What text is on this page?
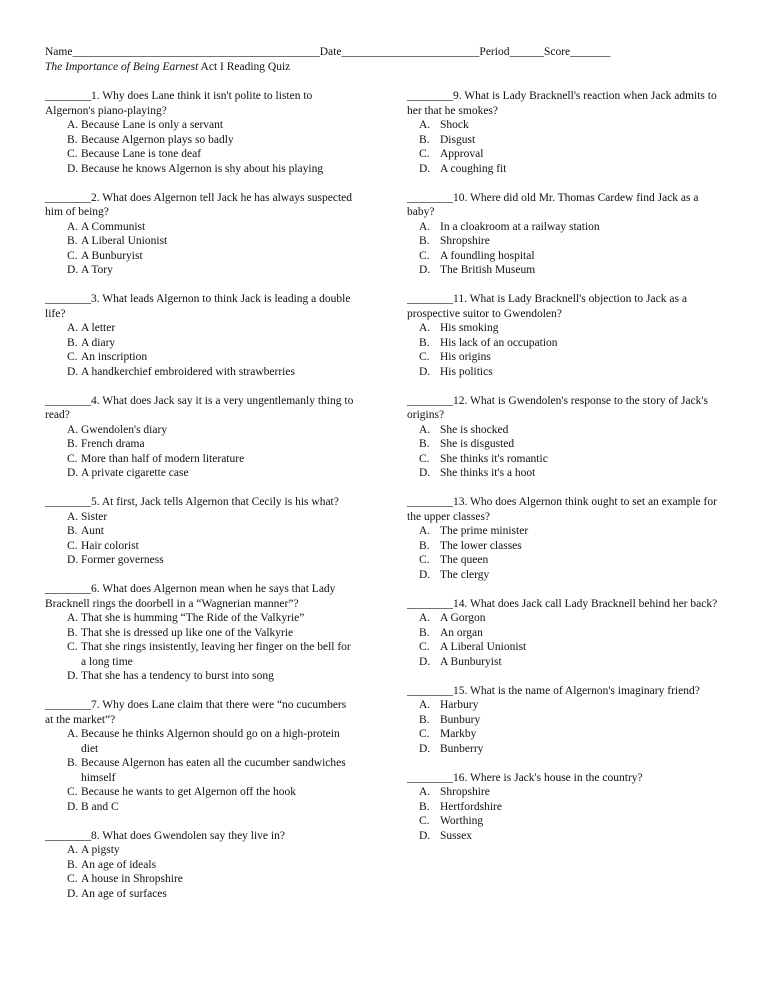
Name___________________________________________Date________________________Period______Score_______
The Importance of Being Earnest Act I Reading Quiz
________1. Why does Lane think it isn't polite to listen to Algernon's piano-playing?
A. Because Lane is only a servant
B. Because Algernon plays so badly
C. Because Lane is tone deaf
D. Because he knows Algernon is shy about his playing
________2. What does Algernon tell Jack he has always suspected him of being?
A. A Communist
B. A Liberal Unionist
C. A Bunburyist
D. A Tory
________3. What leads Algernon to think Jack is leading a double life?
A. A letter
B. A diary
C. An inscription
D. A handkerchief embroidered with strawberries
________4. What does Jack say it is a very ungentlemanly thing to read?
A. Gwendolen's diary
B. French drama
C. More than half of modern literature
D. A private cigarette case
________5. At first, Jack tells Algernon that Cecily is his what?
A. Sister
B. Aunt
C. Hair colorist
D. Former governess
________6. What does Algernon mean when he says that Lady Bracknell rings the doorbell in a “Wagnerian manner”?
A. That she is humming “The Ride of the Valkyrie”
B. That she is dressed up like one of the Valkyrie
C. That she rings insistently, leaving her finger on the bell for a long time
D. That she has a tendency to burst into song
________7. Why does Lane claim that there were “no cucumbers at the market”?
A. Because he thinks Algernon should go on a high-protein diet
B. Because Algernon has eaten all the cucumber sandwiches himself
C. Because he wants to get Algernon off the hook
D. B and C
________8. What does Gwendolen say they live in?
A. A pigsty
B. An age of ideals
C. A house in Shropshire
D. An age of surfaces
________9. What is Lady Bracknell's reaction when Jack admits to her that he smokes?
A. Shock
B. Disgust
C. Approval
D. A coughing fit
________10. Where did old Mr. Thomas Cardew find Jack as a baby?
A. In a cloakroom at a railway station
B. Shropshire
C. A foundling hospital
D. The British Museum
________11. What is Lady Bracknell's objection to Jack as a prospective suitor to Gwendolen?
A. His smoking
B. His lack of an occupation
C. His origins
D. His politics
________12. What is Gwendolen's response to the story of Jack's origins?
A. She is shocked
B. She is disgusted
C. She thinks it's romantic
D. She thinks it's a hoot
________13. Who does Algernon think ought to set an example for the upper classes?
A. The prime minister
B. The lower classes
C. The queen
D. The clergy
________14. What does Jack call Lady Bracknell behind her back?
A. A Gorgon
B. An organ
C. A Liberal Unionist
D. A Bunburyist
________15. What is the name of Algernon's imaginary friend?
A. Harbury
B. Bunbury
C. Markby
D. Bunberry
________16. Where is Jack's house in the country?
A. Shropshire
B. Hertfordshire
C. Worthing
D. Sussex
